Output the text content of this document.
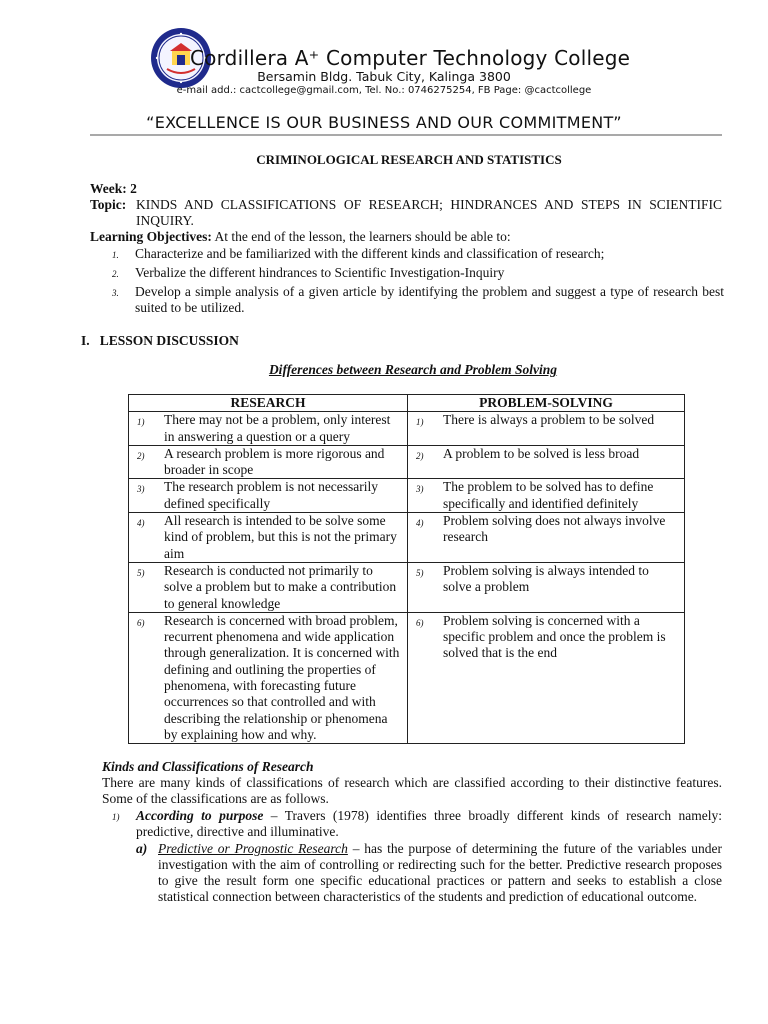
Cordillera A⁺ Computer Technology College
Bersamin Bldg. Tabuk City, Kalinga 3800
e-mail add.: cactcollege@gmail.com, Tel. No.: 0746275254, FB Page: @cactcollege
“EXCELLENCE IS OUR BUSINESS AND OUR COMMITMENT”
CRIMINOLOGICAL RESEARCH AND STATISTICS
Week: 2
Topic: KINDS AND CLASSIFICATIONS OF RESEARCH; HINDRANCES AND STEPS IN SCIENTIFIC
INQUIRY.
Learning Objectives: At the end of the lesson, the learners should be able to:
1. Characterize and be familiarized with the different kinds and classification of research;
2. Verbalize the different hindrances to Scientific Investigation-Inquiry
3. Develop a simple analysis of a given article by identifying the problem and suggest a type of research best suited to be utilized.
I.   LESSON DISCUSSION
Differences between Research and Problem Solving
RESEARCH	PROBLEM-SOLVING

1) There may not be a problem, only interest in answering a question or a query	1) There is always a problem to be solved

2) A research problem is more rigorous and broader in scope	2) A problem to be solved is less broad

3) The research problem is not necessarily defined specifically	3) The problem to be solved has to define specifically and identified definitely

4) All research is intended to be solve some kind of problem, but this is not the primary aim	4) Problem solving does not always involve research

5) Research is conducted not primarily to solve a problem but to make a contribution to general knowledge	5) Problem solving is always intended to solve a problem

6) Research is concerned with broad problem, recurrent phenomena and wide application through generalization. It is concerned with defining and outlining the properties of phenomena, with forecasting future occurrences so that controlled and with describing the relationship or phenomena by explaining how and why.	6) Problem solving is concerned with a specific problem and once the problem is solved that is the end
Kinds and Classifications of Research
There are many kinds of classifications of research which are classified according to their distinctive features. Some of the classifications are as follows.
1) According to purpose – Travers (1978) identifies three broadly different kinds of research namely: predictive, directive and illuminative.
a) Predictive or Prognostic Research – has the purpose of determining the future of the variables under investigation with the aim of controlling or redirecting such for the better. Predictive research proposes to give the result form one specific educational practices or pattern and seeks to establish a close statistical connection between characteristics of the students and prediction of educational outcome.
